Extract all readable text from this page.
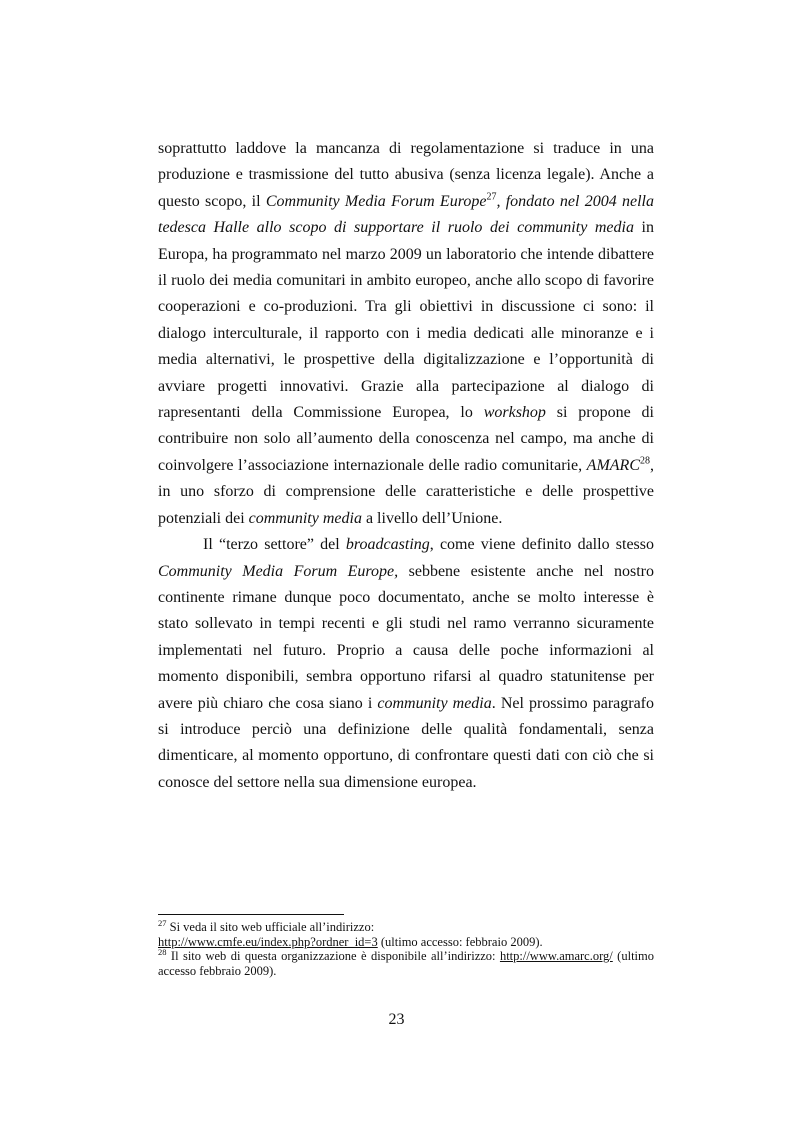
soprattutto laddove la mancanza di regolamentazione si traduce in una produzione e trasmissione del tutto abusiva (senza licenza legale). Anche a questo scopo, il Community Media Forum Europe$^{27}$, fondato nel 2004 nella tedesca Halle allo scopo di supportare il ruolo dei community media in Europa, ha programmato nel marzo 2009 un laboratorio che intende dibattere il ruolo dei media comunitari in ambito europeo, anche allo scopo di favorire cooperazioni e co-produzioni. Tra gli obiettivi in discussione ci sono: il dialogo interculturale, il rapporto con i media dedicati alle minoranze e i media alternativi, le prospettive della digitalizzazione e l’opportunità di avviare progetti innovativi. Grazie alla partecipazione al dialogo di rapresentanti della Commissione Europea, lo workshop si propone di contribuire non solo all’aumento della conoscenza nel campo, ma anche di coinvolgere l’associazione internazionale delle radio comunitarie, AMARC$^{28}$, in uno sforzo di comprensione delle caratteristiche e delle prospettive potenziali dei community media a livello dell’Unione.

Il “terzo settore” del broadcasting, come viene definito dallo stesso Community Media Forum Europe, sebbene esistente anche nel nostro continente rimane dunque poco documentato, anche se molto interesse è stato sollevato in tempi recenti e gli studi nel ramo verranno sicuramente implementati nel futuro. Proprio a causa delle poche informazioni al momento disponibili, sembra opportuno rifarsi al quadro statunitense per avere più chiaro che cosa siano i community media. Nel prossimo paragrafo si introduce perciò una definizione delle qualità fondamentali, senza dimenticare, al momento opportuno, di confrontare questi dati con ciò che si conosce del settore nella sua dimensione europea.

$^{27}$ Si veda il sito web ufficiale all’indirizzo:
http://www.cmfe.eu/index.php?ordner_id=3 (ultimo accesso: febbraio 2009).

$^{28}$ Il sito web di questa organizzazione è disponibile all’indirizzo: http://www.amarc.org/ (ultimo accesso febbraio 2009).

23
